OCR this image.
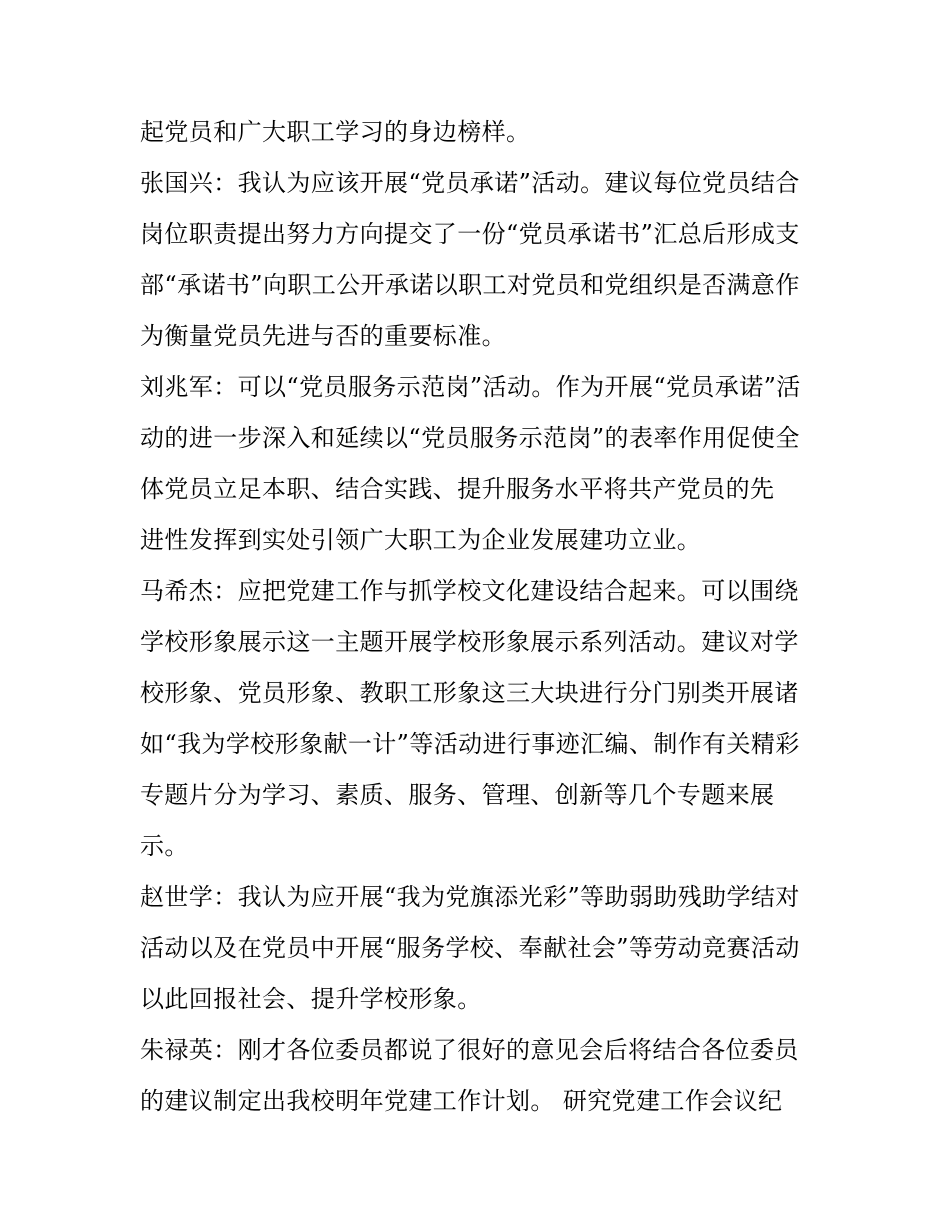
起党员和广大职工学习的身边榜样。
张国兴：我认为应该开展“党员承诺”活动。建议每位党员结合
岗位职责提出努力方向提交了一份“党员承诺书”汇总后形成支
部“承诺书”向职工公开承诺以职工对党员和党组织是否满意作
为衡量党员先进与否的重要标准。
刘兆军：可以“党员服务示范岗”活动。作为开展“党员承诺”活
动的进一步深入和延续以“党员服务示范岗”的表率作用促使全
体党员立足本职、结合实践、提升服务水平将共产党员的先
进性发挥到实处引领广大职工为企业发展建功立业。
马希杰：应把党建工作与抓学校文化建设结合起来。可以围绕
学校形象展示这一主题开展学校形象展示系列活动。建议对学
校形象、党员形象、教职工形象这三大块进行分门别类开展诸
如“我为学校形象献一计”等活动进行事迹汇编、制作有关精彩
专题片分为学习、素质、服务、管理、创新等几个专题来展
示。
赵世学：我认为应开展“我为党旗添光彩”等助弱助残助学结对
活动以及在党员中开展“服务学校、奉献社会”等劳动竞赛活动
以此回报社会、提升学校形象。
朱禄英：刚才各位委员都说了很好的意见会后将结合各位委员
的建议制定出我校明年党建工作计划。 研究党建工作会议纪
